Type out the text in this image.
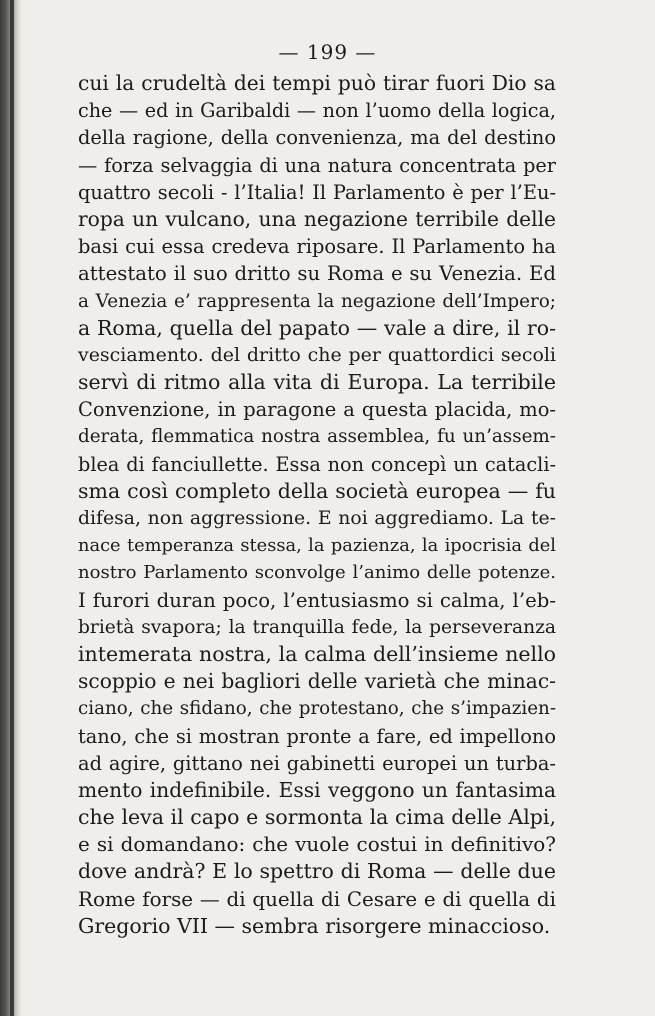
— 199 —
cui la crudeltà dei tempi può tirar fuori Dio sa
che — ed in Garibaldi — non l’uomo della logica,
della ragione, della convenienza, ma del destino
— forza selvaggia di una natura concentrata per
quattro secoli - l’Italia! Il Parlamento è per l’Eu-
ropa un vulcano, una negazione terribile delle
basi cui essa credeva riposare. Il Parlamento ha
attestato il suo dritto su Roma e su Venezia. Ed
a Venezia e’ rappresenta la negazione dell’Impero;
a Roma, quella del papato — vale a dire, il ro-
vesciamento. del dritto che per quattordici secoli
servì di ritmo alla vita di Europa. La terribile
Convenzione, in paragone a questa placida, mo-
derata, flemmatica nostra assemblea, fu un’assem-
blea di fanciullette. Essa non concepì un catacli-
sma così completo della società europea — fu
difesa, non aggressione. E noi aggrediamo. La te-
nace temperanza stessa, la pazienza, la ipocrisia del
nostro Parlamento sconvolge l’animo delle potenze.
I furori duran poco, l’entusiasmo si calma, l’eb-
brietà svapora; la tranquilla fede, la perseveranza
intemerata nostra, la calma dell’insieme nello
scoppio e nei bagliori delle varietà che minac-
ciano, che sfidano, che protestano, che s’impazien-
tano, che si mostran pronte a fare, ed impellono
ad agire, gittano nei gabinetti europei un turba-
mento indefinibile. Essi veggono un fantasima
che leva il capo e sormonta la cima delle Alpi,
e si domandano: che vuole costui in definitivo?
dove andrà? E lo spettro di Roma — delle due
Rome forse — di quella di Cesare e di quella di
Gregorio VII — sembra risorgere minaccioso.
